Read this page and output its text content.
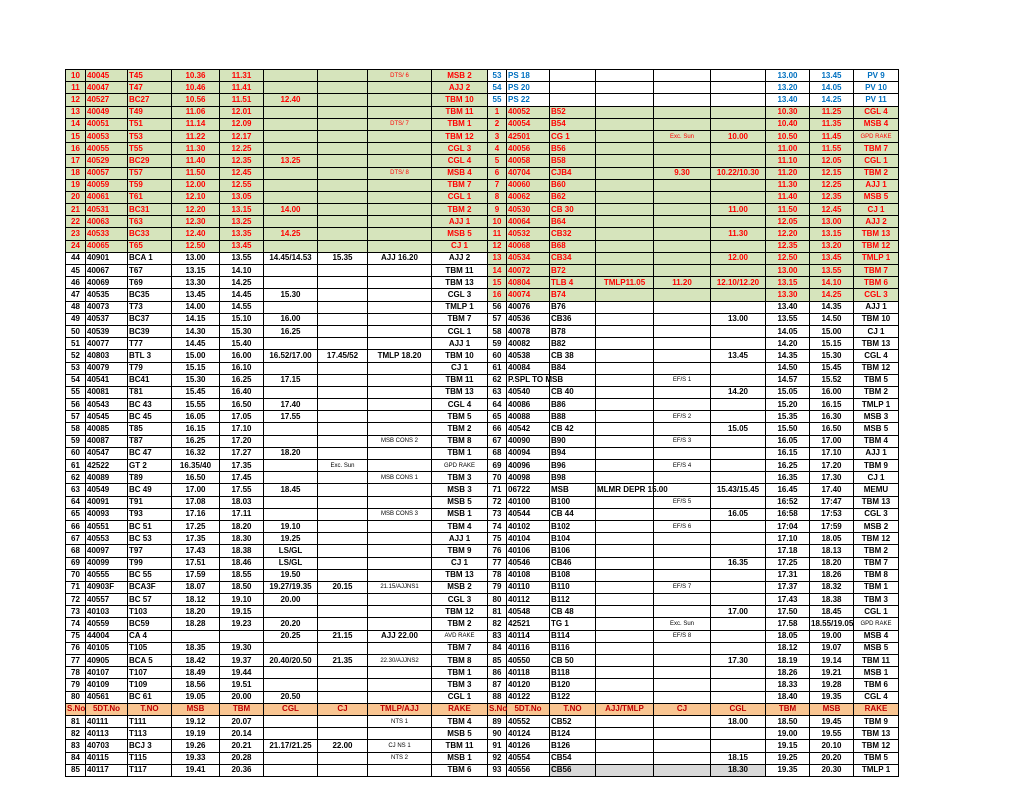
10	40045	T45	10.36	11.31			DTS/ 6	MSB 2	53	PS 18					13.00	13.45	PV 9
11	40047	T47	10.46	11.41				AJJ 2	54	PS 20					13.20	14.05	PV 10
12	40527	BC27	10.56	11.51	12.40			TBM 10	55	PS 22					13.40	14.25	PV 11
13	40049	T49	11.06	12.01				TBM 11	1	40052	B52				10.30	11.25	CGL 4
14	40051	T51	11.14	12.09			DTS/ 7	TBM 1	2	40054	B54				10.40	11.35	MSB 4
15	40053	T53	11.22	12.17				TBM 12	3	42501	CG 1		Exc. Sun	10.00	10.50	11.45	GPD RAKE
16	40055	T55	11.30	12.25				CGL 3	4	40056	B56				11.00	11.55	TBM 7
17	40529	BC29	11.40	12.35	13.25			CGL 4	5	40058	B58				11.10	12.05	CGL 1
18	40057	T57	11.50	12.45			DTS/ 8	MSB 4	6	40704	CJB4		9.30	10.22/10.30	11.20	12.15	TBM 2
19	40059	T59	12.00	12.55				TBM 7	7	40060	B60				11.30	12.25	AJJ 1
20	40061	T61	12.10	13.05				CGL 1	8	40062	B62				11.40	12.35	MSB 5
21	40531	BC31	12.20	13.15	14.00			TBM 2	9	40530	CB 30			11.00	11.50	12.45	CJ 1
22	40063	T63	12.30	13.25				AJJ 1	10	40064	B64				12.05	13.00	AJJ 2
23	40533	BC33	12.40	13.35	14.25			MSB 5	11	40532	CB32			11.30	12.20	13.15	TBM 13
24	40065	T65	12.50	13.45				CJ 1	12	40068	B68				12.35	13.20	TBM 12
44	40901	BCA 1	13.00	13.55	14.45/14.53	15.35	AJJ 16.20	AJJ 2	13	40534	CB34			12.00	12.50	13.45	TMLP 1
45	40067	T67	13.15	14.10				TBM 11	14	40072	B72				13.00	13.55	TBM 7
46	40069	T69	13.30	14.25				TBM 13	15	40804	TLB 4	TMLP11.05	11.20	12.10/12.20	13.15	14.10	TBM 6
47	40535	BC35	13.45	14.45	15.30			CGL 3	16	40074	B74				13.30	14.25	CGL 3
48	40073	T73	14.00	14.55				TMLP 1	56	40076	B76				13.40	14.35	AJJ 1
49	40537	BC37	14.15	15.10	16.00			TBM 7	57	40536	CB36			13.00	13.55	14.50	TBM 10
50	40539	BC39	14.30	15.30	16.25			CGL 1	58	40078	B78				14.05	15.00	CJ 1
51	40077	T77	14.45	15.40				AJJ 1	59	40082	B82				14.20	15.15	TBM 13
52	40803	BTL 3	15.00	16.00	16.52/17.00	17.45/52	TMLP 18.20	TBM 10	60	40538	CB 38			13.45	14.35	15.30	CGL 4
53	40079	T79	15.15	16.10				CJ 1	61	40084	B84				14.50	15.45	TBM 12
54	40541	BC41	15.30	16.25	17.15			TBM 11	62	P.SPL TO MSB			EF/S 1		14.57	15.52	TBM 5
55	40081	T81	15.45	16.40				TBM 13	63	40540	CB 40			14.20	15.05	16.00	TBM 2
56	40543	BC 43	15.55	16.50	17.40			CGL 4	64	40086	B86				15.20	16.15	TMLP 1
57	40545	BC 45	16.05	17.05	17.55			TBM 5	65	40088	B88		EF/S 2		15.35	16.30	MSB 3
58	40085	T85	16.15	17.10				TBM 2	66	40542	CB 42			15.05	15.50	16.50	MSB 5
59	40087	T87	16.25	17.20			MSB CONS 2	TBM 8	67	40090	B90		EF/S 3		16.05	17.00	TBM 4
60	40547	BC 47	16.32	17.27	18.20			TBM 1	68	40094	B94				16.15	17.10	AJJ 1
61	42522	GT 2	16.35/40	17.35		Exc. Sun		GPD RAKE	69	40096	B96		EF/S 4		16.25	17.20	TBM 9
62	40089	T89	16.50	17.45			MSB CONS 1	TBM 3	70	40098	B98				16.35	17.30	CJ 1
63	40549	BC 49	17.00	17.55	18.45			MSB 3	71	06722	MSB	MLMR DEPR 15.00		15.43/15.45	16.45	17.40	MEMU
64	40091	T91	17.08	18.03				MSB 5	72	40100	B100		EF/S 5		16:52	17:47	TBM 13
65	40093	T93	17.16	17.11			MSB CONS 3	MSB 1	73	40544	CB 44			16.05	16:58	17:53	CGL 3
66	40551	BC 51	17.25	18.20	19.10			TBM 4	74	40102	B102		EF/S 6		17:04	17:59	MSB 2
67	40553	BC 53	17.35	18.30	19.25			AJJ 1	75	40104	B104				17.10	18.05	TBM 12
68	40097	T97	17.43	18.38	LS/GL			TBM 9	76	40106	B106				17.18	18.13	TBM 2
69	40099	T99	17.51	18.46	LS/GL			CJ 1	77	40546	CB46			16.35	17.25	18.20	TBM 7
70	40555	BC 55	17.59	18.55	19.50			TBM 13	78	40108	B108				17.31	18.26	TBM 8
71	40903F	BCA3F	18.07	18.50	19.27/19.35	20.15	21.15/AJJNS1	MSB 2	79	40110	B110		EF/S 7		17.37	18.32	TBM 1
72	40557	BC 57	18.12	19.10	20.00			CGL 3	80	40112	B112				17.43	18.38	TBM 3
73	40103	T103	18.20	19.15				TBM 12	81	40548	CB 48			17.00	17.50	18.45	CGL 1
74	40559	BC59	18.28	19.23	20.20			TBM 2	82	42521	TG 1		Exc. Sun		17.58	18.55/19.05	GPD RAKE
75	44004	CA 4			20.25	21.15	AJJ 22.00	AVD RAKE	83	40114	B114		EF/S 8		18.05	19.00	MSB 4
76	40105	T105	18.35	19.30				TBM 7	84	40116	B116				18.12	19.07	MSB 5
77	40905	BCA 5	18.42	19.37	20.40/20.50	21.35	22.30/AJJNS2	TBM 8	85	40550	CB 50			17.30	18.19	19.14	TBM 11
78	40107	T107	18.49	19.44				TBM 1	86	40118	B118				18.26	19.21	MSB 1
79	40109	T109	18.56	19.51				TBM 3	87	40120	B120				18.33	19.28	TBM 6
80	40561	BC 61	19.05	20.00	20.50			CGL 1	88	40122	B122				18.40	19.35	CGL 4
S.No	5DT.No	T.NO	MSB	TBM	CGL	CJ	TMLP/AJJ	RAKE	S.No	5DT.No	T.NO	AJJ/TMLP	CJ	CGL	TBM	MSB	RAKE
81	40111	T111	19.12	20.07			NTS 1	TBM 4	89	40552	CB52			18.00	18.50	19.45	TBM 9
82	40113	T113	19.19	20.14				MSB 5	90	40124	B124				19.00	19.55	TBM 13
83	40703	BCJ 3	19.26	20.21	21.17/21.25	22.00	CJ NS 1	TBM 11	91	40126	B126				19.15	20.10	TBM 12
84	40115	T115	19.33	20.28			NTS 2	MSB 1	92	40554	CB54			18.15	19.25	20.20	TBM 5
85	40117	T117	19.41	20.36				TBM 6	93	40556	CB56			18.30	19.35	20.30	TMLP 1
